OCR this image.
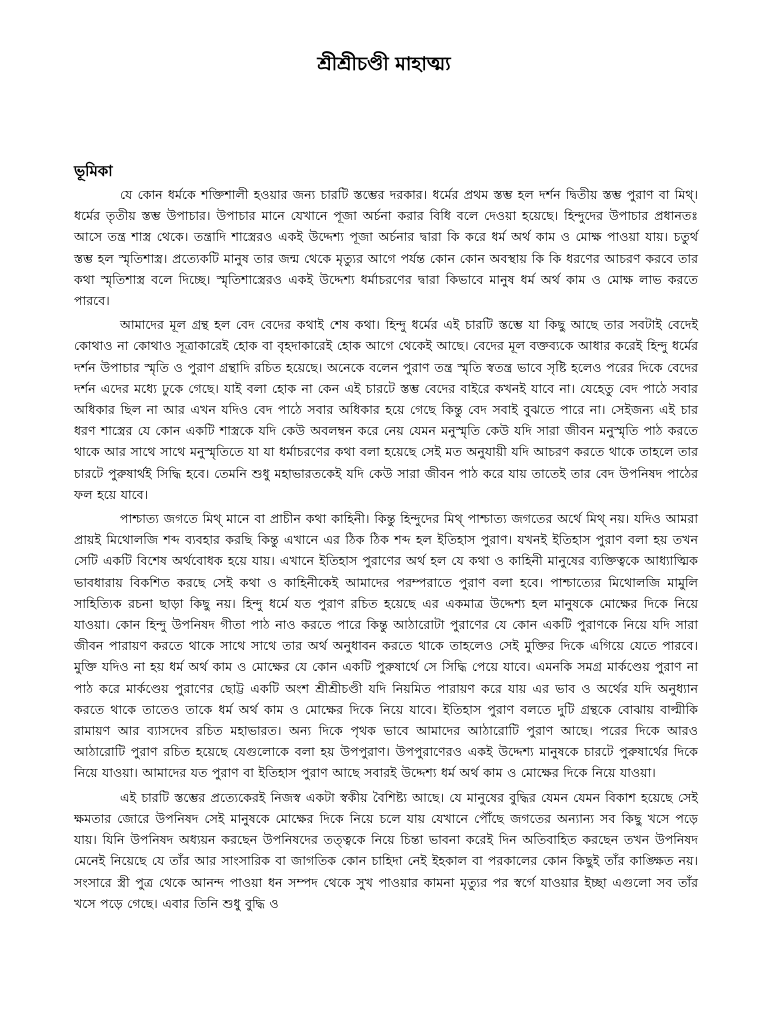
শ্রীশ্রীচণ্ডী মাহাত্ম্য
ভূমিকা

যে কোন ধর্মকে শক্তিশালী হওয়ার জন্য চারটি স্তম্ভের দরকার। ধর্মের প্রথম স্তম্ভ হল দর্শন দ্বিতীয় স্তম্ভ পুরাণ বা মিথ্। ধর্মের তৃতীয় স্তম্ভ উপাচার। উপাচার মানে যেখানে পূজা অর্চনা করার বিধি বলে দেওয়া হয়েছে। হিন্দুদের উপাচার প্রধানতঃ আসে তন্ত্র শাস্ত্র থেকে। তন্ত্রাদি শাস্ত্রেরও একই উদ্দেশ্য পূজা অর্চনার দ্বারা কি করে ধর্ম অর্থ কাম ও মোক্ষ পাওয়া যায়। চতুর্থ স্তম্ভ হল স্মৃতিশাস্ত্র। প্রত্যেকটি মানুষ তার জন্ম থেকে মৃত্যুর আগে পর্যন্ত কোন কোন অবস্থায় কি কি ধরণের আচরণ করবে তার কথা স্মৃতিশাস্ত্র বলে দিচ্ছে। স্মৃতিশাস্ত্রেরও একই উদ্দেশ্য ধর্মাচরণের দ্বারা কিভাবে মানুষ ধর্ম অর্থ কাম ও মোক্ষ লাভ করতে পারবে।

আমাদের মূল গ্রন্থ হল বেদ বেদের কথাই শেষ কথা। হিন্দু ধর্মের এই চারটি স্তম্ভে যা কিছু আছে তার সবটাই বেদেই কোথাও না কোথাও সূত্রাকারেই হোক বা বৃহদাকারেই হোক আগে থেকেই আছে। বেদের মূল বক্তব্যকে আধার করেই হিন্দু ধর্মের দর্শন উপাচার স্মৃতি ও পুরাণ গ্রন্থাদি রচিত হয়েছে। অনেকে বলেন পুরাণ তন্ত্র স্মৃতি স্বতন্ত্র ভাবে সৃষ্টি হলেও পরের দিকে বেদের দর্শন এদের মধ্যে ঢুকে গেছে। যাই বলা হোক না কেন এই চারটে স্তম্ভ বেদের বাইরে কখনই যাবে না। যেহেতু বেদ পাঠে সবার অধিকার ছিল না আর এখন যদিও বেদ পাঠে সবার অধিকার হয়ে গেছে কিন্তু বেদ সবাই বুঝতে পারে না। সেইজন্য এই চার ধরণ শাস্ত্রের যে কোন একটি শাস্ত্রকে যদি কেউ অবলম্বন করে নেয় যেমন মনুস্মৃতি কেউ যদি সারা জীবন মনুস্মৃতি পাঠ করতে থাকে আর সাথে সাথে মনুস্মৃতিতে যা যা ধর্মাচরণের কথা বলা হয়েছে সেই মত অনুযায়ী যদি আচরণ করতে থাকে তাহলে তার চারটে পুরুষার্থই সিদ্ধি হবে। তেমনি শুধু মহাভারতকেই যদি কেউ সারা জীবন পাঠ করে যায় তাতেই তার বেদ উপনিষদ পাঠের ফল হয়ে যাবে।

পাশ্চাত্য জগতে মিথ্ মানে বা প্রাচীন কথা কাহিনী। কিন্তু হিন্দুদের মিথ্ পাশ্চাত্য জগতের অর্থে মিথ্ নয়। যদিও আমরা প্রায়ই মিথোলজি শব্দ ব্যবহার করছি কিন্তু এখানে এর ঠিক ঠিক শব্দ হল ইতিহাস পুরাণ। যখনই ইতিহাস পুরাণ বলা হয় তখন সেটি একটি বিশেষ অর্থবোধক হয়ে যায়। এখানে ইতিহাস পুরাণের অর্থ হল যে কথা ও কাহিনী মানুষের ব্যক্তিত্বকে আধ্যাত্মিক ভাবধারায় বিকশিত করছে সেই কথা ও কাহিনীকেই আমাদের পরম্পরাতে পুরাণ বলা হবে। পাশ্চাত্যের মিথোলজি মামুলি সাহিত্যিক রচনা ছাড়া কিছু নয়। হিন্দু ধর্মে যত পুরাণ রচিত হয়েছে এর একমাত্র উদ্দেশ্য হল মানুষকে মোক্ষের দিকে নিয়ে যাওয়া। কোন হিন্দু উপনিষদ গীতা পাঠ নাও করতে পারে কিন্তু আঠারোটা পুরাণের যে কোন একটি পুরাণকে নিয়ে যদি সারা জীবন পারায়ণ করতে থাকে সাথে সাথে তার অর্থ অনুধাবন করতে থাকে তাহলেও সেই মুক্তির দিকে এগিয়ে যেতে পারবে। মুক্তি যদিও না হয় ধর্ম অর্থ কাম ও মোক্ষের যে কোন একটি পুরুষার্থে সে সিদ্ধি পেয়ে যাবে। এমনকি সমগ্র মার্কণ্ডেয় পুরাণ না পাঠ করে মার্কণ্ডেয় পুরাণের ছোট্ট একটি অংশ শ্রীশ্রীচণ্ডী যদি নিয়মিত পারায়ণ করে যায় এর ভাব ও অর্থের যদি অনুধ্যান করতে থাকে তাতেও তাকে ধর্ম অর্থ কাম ও মোক্ষের দিকে নিয়ে যাবে। ইতিহাস পুরাণ বলতে দুটি গ্রন্থকে বোঝায় বাল্মীকি রামায়ণ আর ব্যাসদেব রচিত মহাভারত। অন্য দিকে পৃথক ভাবে আমাদের আঠারোটি পুরাণ আছে। পরের দিকে আরও আঠারোটি পুরাণ রচিত হয়েছে যেগুলোকে বলা হয় উপপুরাণ। উপপুরাণেরও একই উদ্দেশ্য মানুষকে চারটে পুরুষার্থের দিকে নিয়ে যাওয়া। আমাদের যত পুরাণ বা ইতিহাস পুরাণ আছে সবারই উদ্দেশ্য ধর্ম অর্থ কাম ও মোক্ষের দিকে নিয়ে যাওয়া।

এই চারটি স্তম্ভের প্রত্যেকেরই নিজস্ব একটা স্বকীয় বৈশিষ্ট্য আছে। যে মানুষের বুদ্ধির যেমন যেমন বিকাশ হয়েছে সেই ক্ষমতার জোরে উপনিষদ সেই মানুষকে মোক্ষের দিকে নিয়ে চলে যায় যেখানে পৌঁছে জগতের অন্যান্য সব কিছু খসে পড়ে যায়। যিনি উপনিষদ অধ্যয়ন করছেন উপনিষদের তত্ত্বকে নিয়ে চিন্তা ভাবনা করেই দিন অতিবাহিত করছেন তখন উপনিষদ মেনেই নিয়েছে যে তাঁর আর সাংসারিক বা জাগতিক কোন চাহিদা নেই ইহকাল বা পরকালের কোন কিছুই তাঁর কাঙ্ক্ষিত নয়। সংসারে স্ত্রী পুত্র থেকে আনন্দ পাওয়া ধন সম্পদ থেকে সুখ পাওয়ার কামনা মৃত্যুর পর স্বর্গে যাওয়ার ইচ্ছা এগুলো সব তাঁর খসে পড়ে গেছে। এবার তিনি শুধু বুদ্ধি ও
